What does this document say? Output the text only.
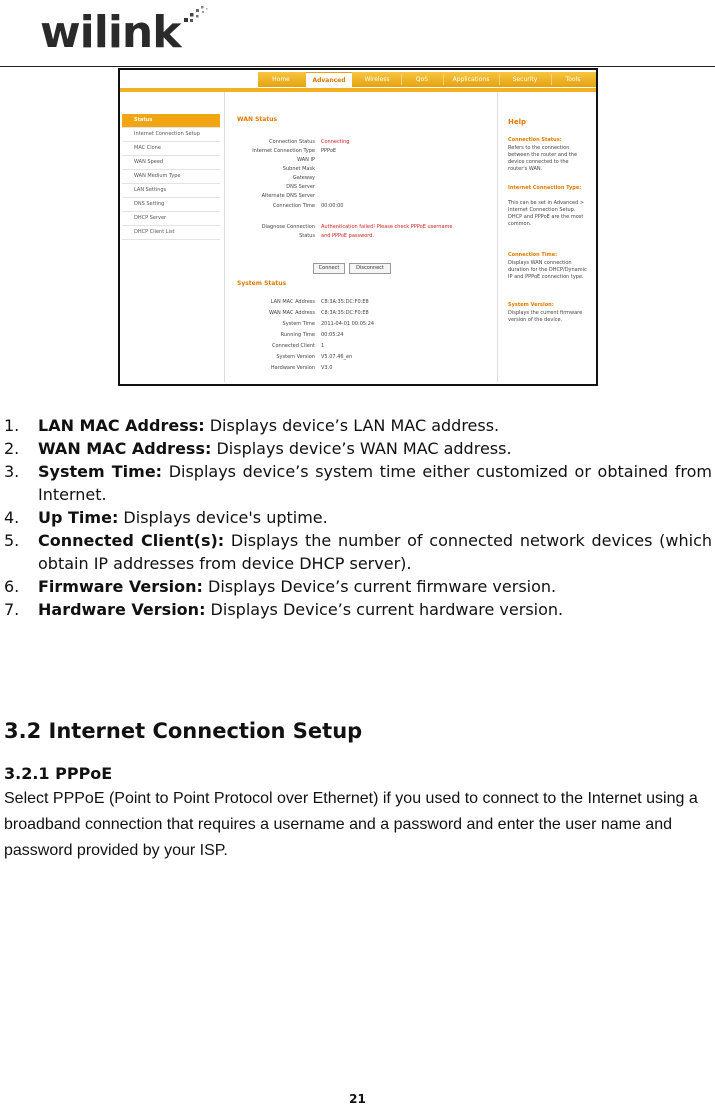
wilink
Home	Advanced	Wireless	QoS	Applications	Security	Tools
Status
Internet Connection Setup
MAC Clone
WAN Speed
WAN Medium Type
LAN Settings
DNS Setting
DHCP Server
DHCP Client List
WAN Status
Connection Status Connecting
Internet Connection Type PPPoE
WAN IP
Subnet Mask
Gateway
DNS Server
Alternate DNS Server
Connection Time 00:00:00
Diagnose Connection Authentication failed! Please check PPPoE username
Status and PPPoE password.
Connect	Disconnect
System Status
LAN MAC Address C8:3A:35:DC:F0:E8
WAN MAC Address C8:3A:35:DC:F0:E8
System Time 2011-04-01 00:05:24
Running Time 00:05:24
Connected Client 1
System Version V5.07.46_en
Hardware Version V3.0
Help
Connection Status:
Refers to the connection between the router and the device connected to the router's WAN.
Internet Connection Type:
This can be set in Advanced > Internet Connection Setup. DHCP and PPPoE are the most common.
Connection Time:
Displays WAN connection duration for the DHCP/Dynamic IP and PPPoE connection type.
System Version:
Displays the current firmware version of the device.
1. LAN MAC Address: Displays device’s LAN MAC address.
2. WAN MAC Address: Displays device’s WAN MAC address.
3. System Time: Displays device’s system time either customized or obtained from Internet.
4. Up Time: Displays device's uptime.
5. Connected Client(s): Displays the number of connected network devices (which obtain IP addresses from device DHCP server).
6. Firmware Version: Displays Device’s current firmware version.
7. Hardware Version: Displays Device’s current hardware version.
3.2 Internet Connection Setup
3.2.1 PPPoE
Select PPPoE (Point to Point Protocol over Ethernet) if you used to connect to the Internet using a broadband connection that requires a username and a password and enter the user name and password provided by your ISP.
21
